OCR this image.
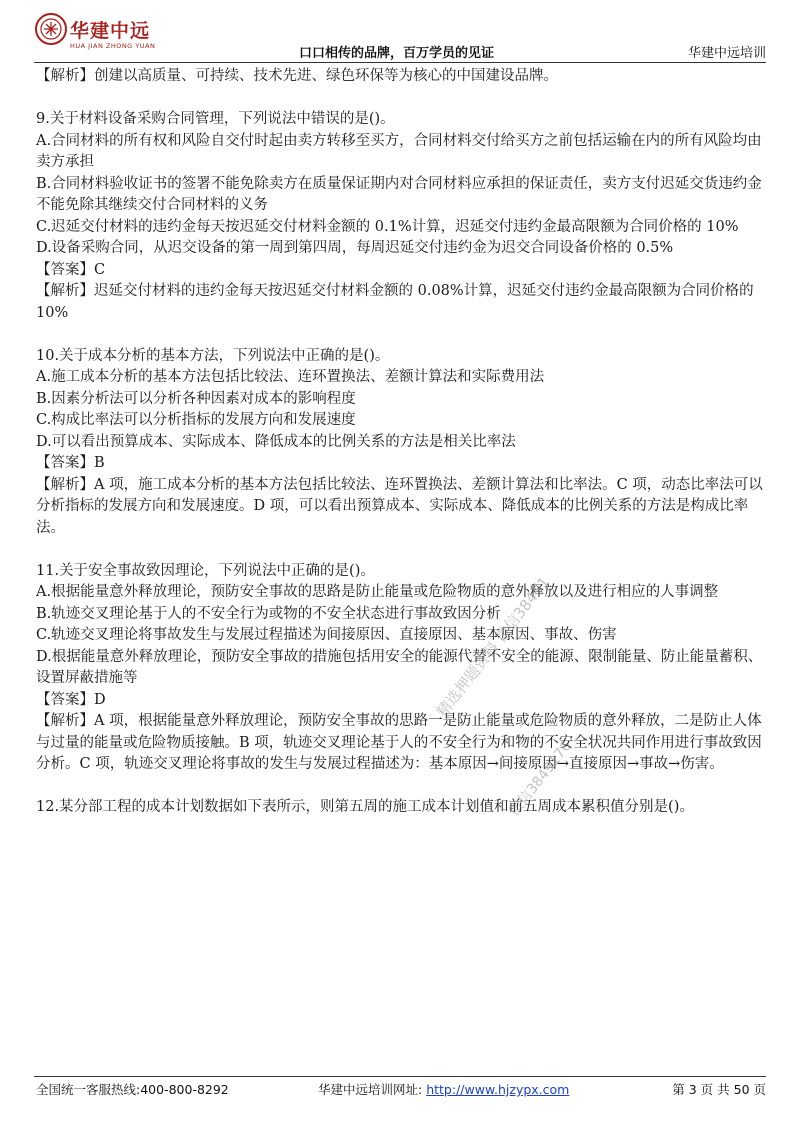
华建中远
HUA JIAN ZHONG YUAN	口口相传的品牌，百万学员的见证	华建中远培训

【解析】创建以高质量、可持续、技术先进、绿色环保等为核心的中国建设品牌。

9.关于材料设备采购合同管理，下列说法中错误的是()。

A.合同材料的所有权和风险自交付时起由卖方转移至买方，合同材料交付给买方之前包括运输在内的所有风险均由卖方承担

B.合同材料验收证书的签署不能免除卖方在质量保证期内对合同材料应承担的保证责任，卖方支付迟延交货违约金不能免除其继续交付合同材料的义务

C.迟延交付材料的违约金每天按迟延交付材料金额的 0.1%计算，迟延交付违约金最高限额为合同价格的 10%

D.设备采购合同，从迟交设备的第一周到第四周，每周迟延交付违约金为迟交合同设备价格的 0.5%

【答案】C

【解析】迟延交付材料的违约金每天按迟延交付材料金额的 0.08%计算，迟延交付违约金最高限额为合同价格的 10%

10.关于成本分析的基本方法，下列说法中正确的是()。

A.施工成本分析的基本方法包括比较法、连环置换法、差额计算法和实际费用法

B.因素分析法可以分析各种因素对成本的影响程度

C.构成比率法可以分析指标的发展方向和发展速度

D.可以看出预算成本、实际成本、降低成本的比例关系的方法是相关比率法

【答案】B

【解析】A 项，施工成本分析的基本方法包括比较法、连环置换法、差额计算法和比率法。C 项，动态比率法可以分析指标的发展方向和发展速度。D 项，可以看出预算成本、实际成本、降低成本的比例关系的方法是构成比率法。

11.关于安全事故致因理论，下列说法中正确的是()。

A.根据能量意外释放理论，预防安全事故的思路是防止能量或危险物质的意外释放以及进行相应的人事调整

B.轨迹交叉理论基于人的不安全行为或物的不安全状态进行事故致因分析

C.轨迹交叉理论将事故发生与发展过程描述为间接原因、直接原因、基本原因、事故、伤害

D.根据能量意外释放理论，预防安全事故的措施包括用安全的能源代替不安全的能源、限制能量、防止能量蓄积、设置屏蔽措施等

【答案】D

【解析】A 项，根据能量意外释放理论，预防安全事故的思路一是防止能量或危险物质的意外释放，二是防止人体与过量的能量或危险物质接触。B 项，轨迹交叉理论基于人的不安全行为和物的不安全状况共同作用进行事故致因分析。C 项，轨迹交叉理论将事故的发生与发展过程描述为：基本原因→间接原因→直接原因→事故→伤害。

12.某分部工程的成本计划数据如下表所示，则第五周的施工成本计划值和前五周成本累积值分别是()。

精选押题资料 微信38491
微信3849176
全国统一客服热线:400-800-8292	华建中远培训网址: http://www.hjzypx.com	第 3 页 共 50 页
